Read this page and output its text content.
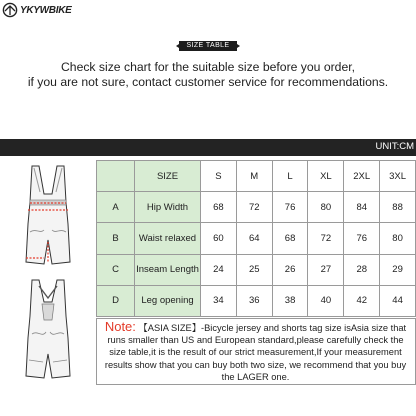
YKYWBIKE
SIZE TABLE
Check size chart for the suitable size before you order,
if you are not sure, contact customer service for recommendations.
UNIT:CM
	SIZE	S	M	L	XL	2XL	3XL
A	Hip Width	68	72	76	80	84	88
B	Waist relaxed	60	64	68	72	76	80
C	Inseam Length	24	25	26	27	28	29
D	Leg opening	34	36	38	40	42	44
Note: 【ASIA SIZE】-Bicycle jersey and shorts tag size isAsia size that runs smaller than US and European standard,please carefully check the size table,it is the result of our strict measurement,If your measurement results show that you can buy both two size, we recommend that you buy the LAGER one.
